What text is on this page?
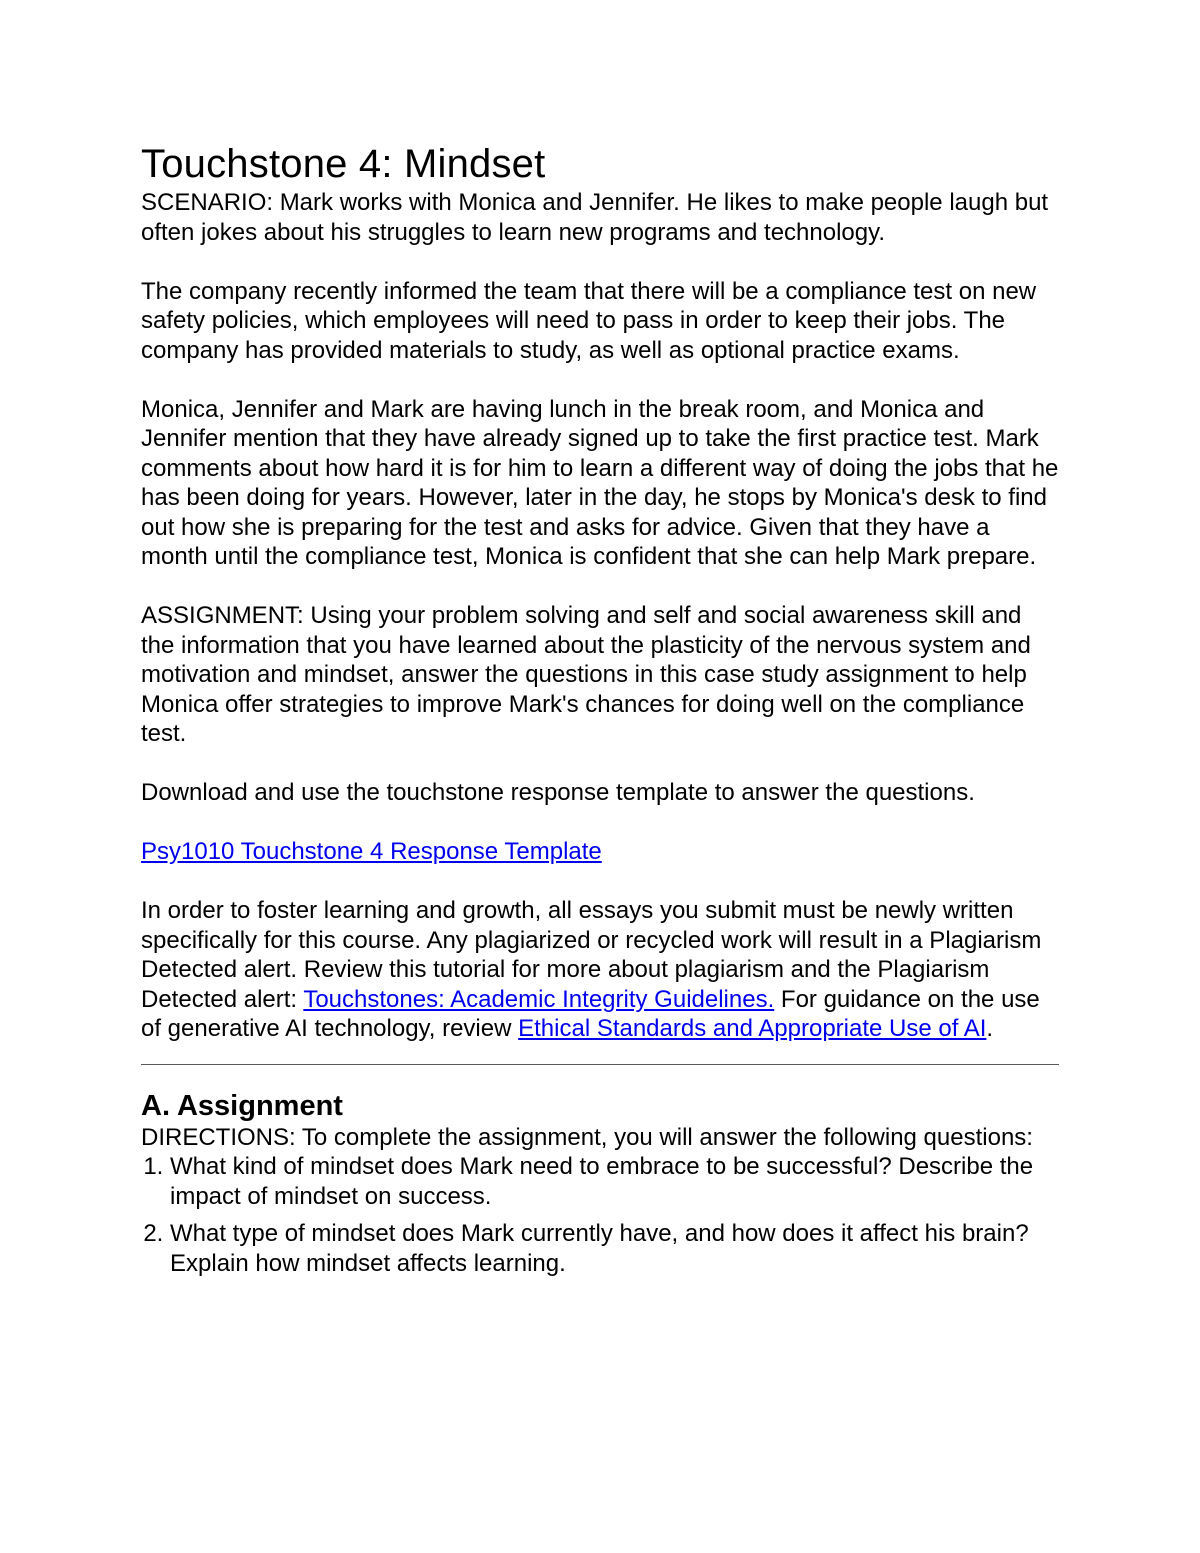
Touchstone 4: Mindset

SCENARIO: Mark works with Monica and Jennifer. He likes to make people laugh but often jokes about his struggles to learn new programs and technology.

The company recently informed the team that there will be a compliance test on new safety policies, which employees will need to pass in order to keep their jobs. The company has provided materials to study, as well as optional practice exams.

Monica, Jennifer and Mark are having lunch in the break room, and Monica and Jennifer mention that they have already signed up to take the first practice test. Mark comments about how hard it is for him to learn a different way of doing the jobs that he has been doing for years. However, later in the day, he stops by Monica's desk to find out how she is preparing for the test and asks for advice. Given that they have a month until the compliance test, Monica is confident that she can help Mark prepare.

ASSIGNMENT: Using your problem solving and self and social awareness skill and the information that you have learned about the plasticity of the nervous system and motivation and mindset, answer the questions in this case study assignment to help Monica offer strategies to improve Mark's chances for doing well on the compliance test.

Download and use the touchstone response template to answer the questions.

Psy1010 Touchstone 4 Response Template

In order to foster learning and growth, all essays you submit must be newly written specifically for this course. Any plagiarized or recycled work will result in a Plagiarism Detected alert. Review this tutorial for more about plagiarism and the Plagiarism Detected alert: Touchstones: Academic Integrity Guidelines. For guidance on the use of generative AI technology, review Ethical Standards and Appropriate Use of AI.

A. Assignment

DIRECTIONS: To complete the assignment, you will answer the following questions:

1. What kind of mindset does Mark need to embrace to be successful? Describe the impact of mindset on success.
2. What type of mindset does Mark currently have, and how does it affect his brain? Explain how mindset affects learning.
